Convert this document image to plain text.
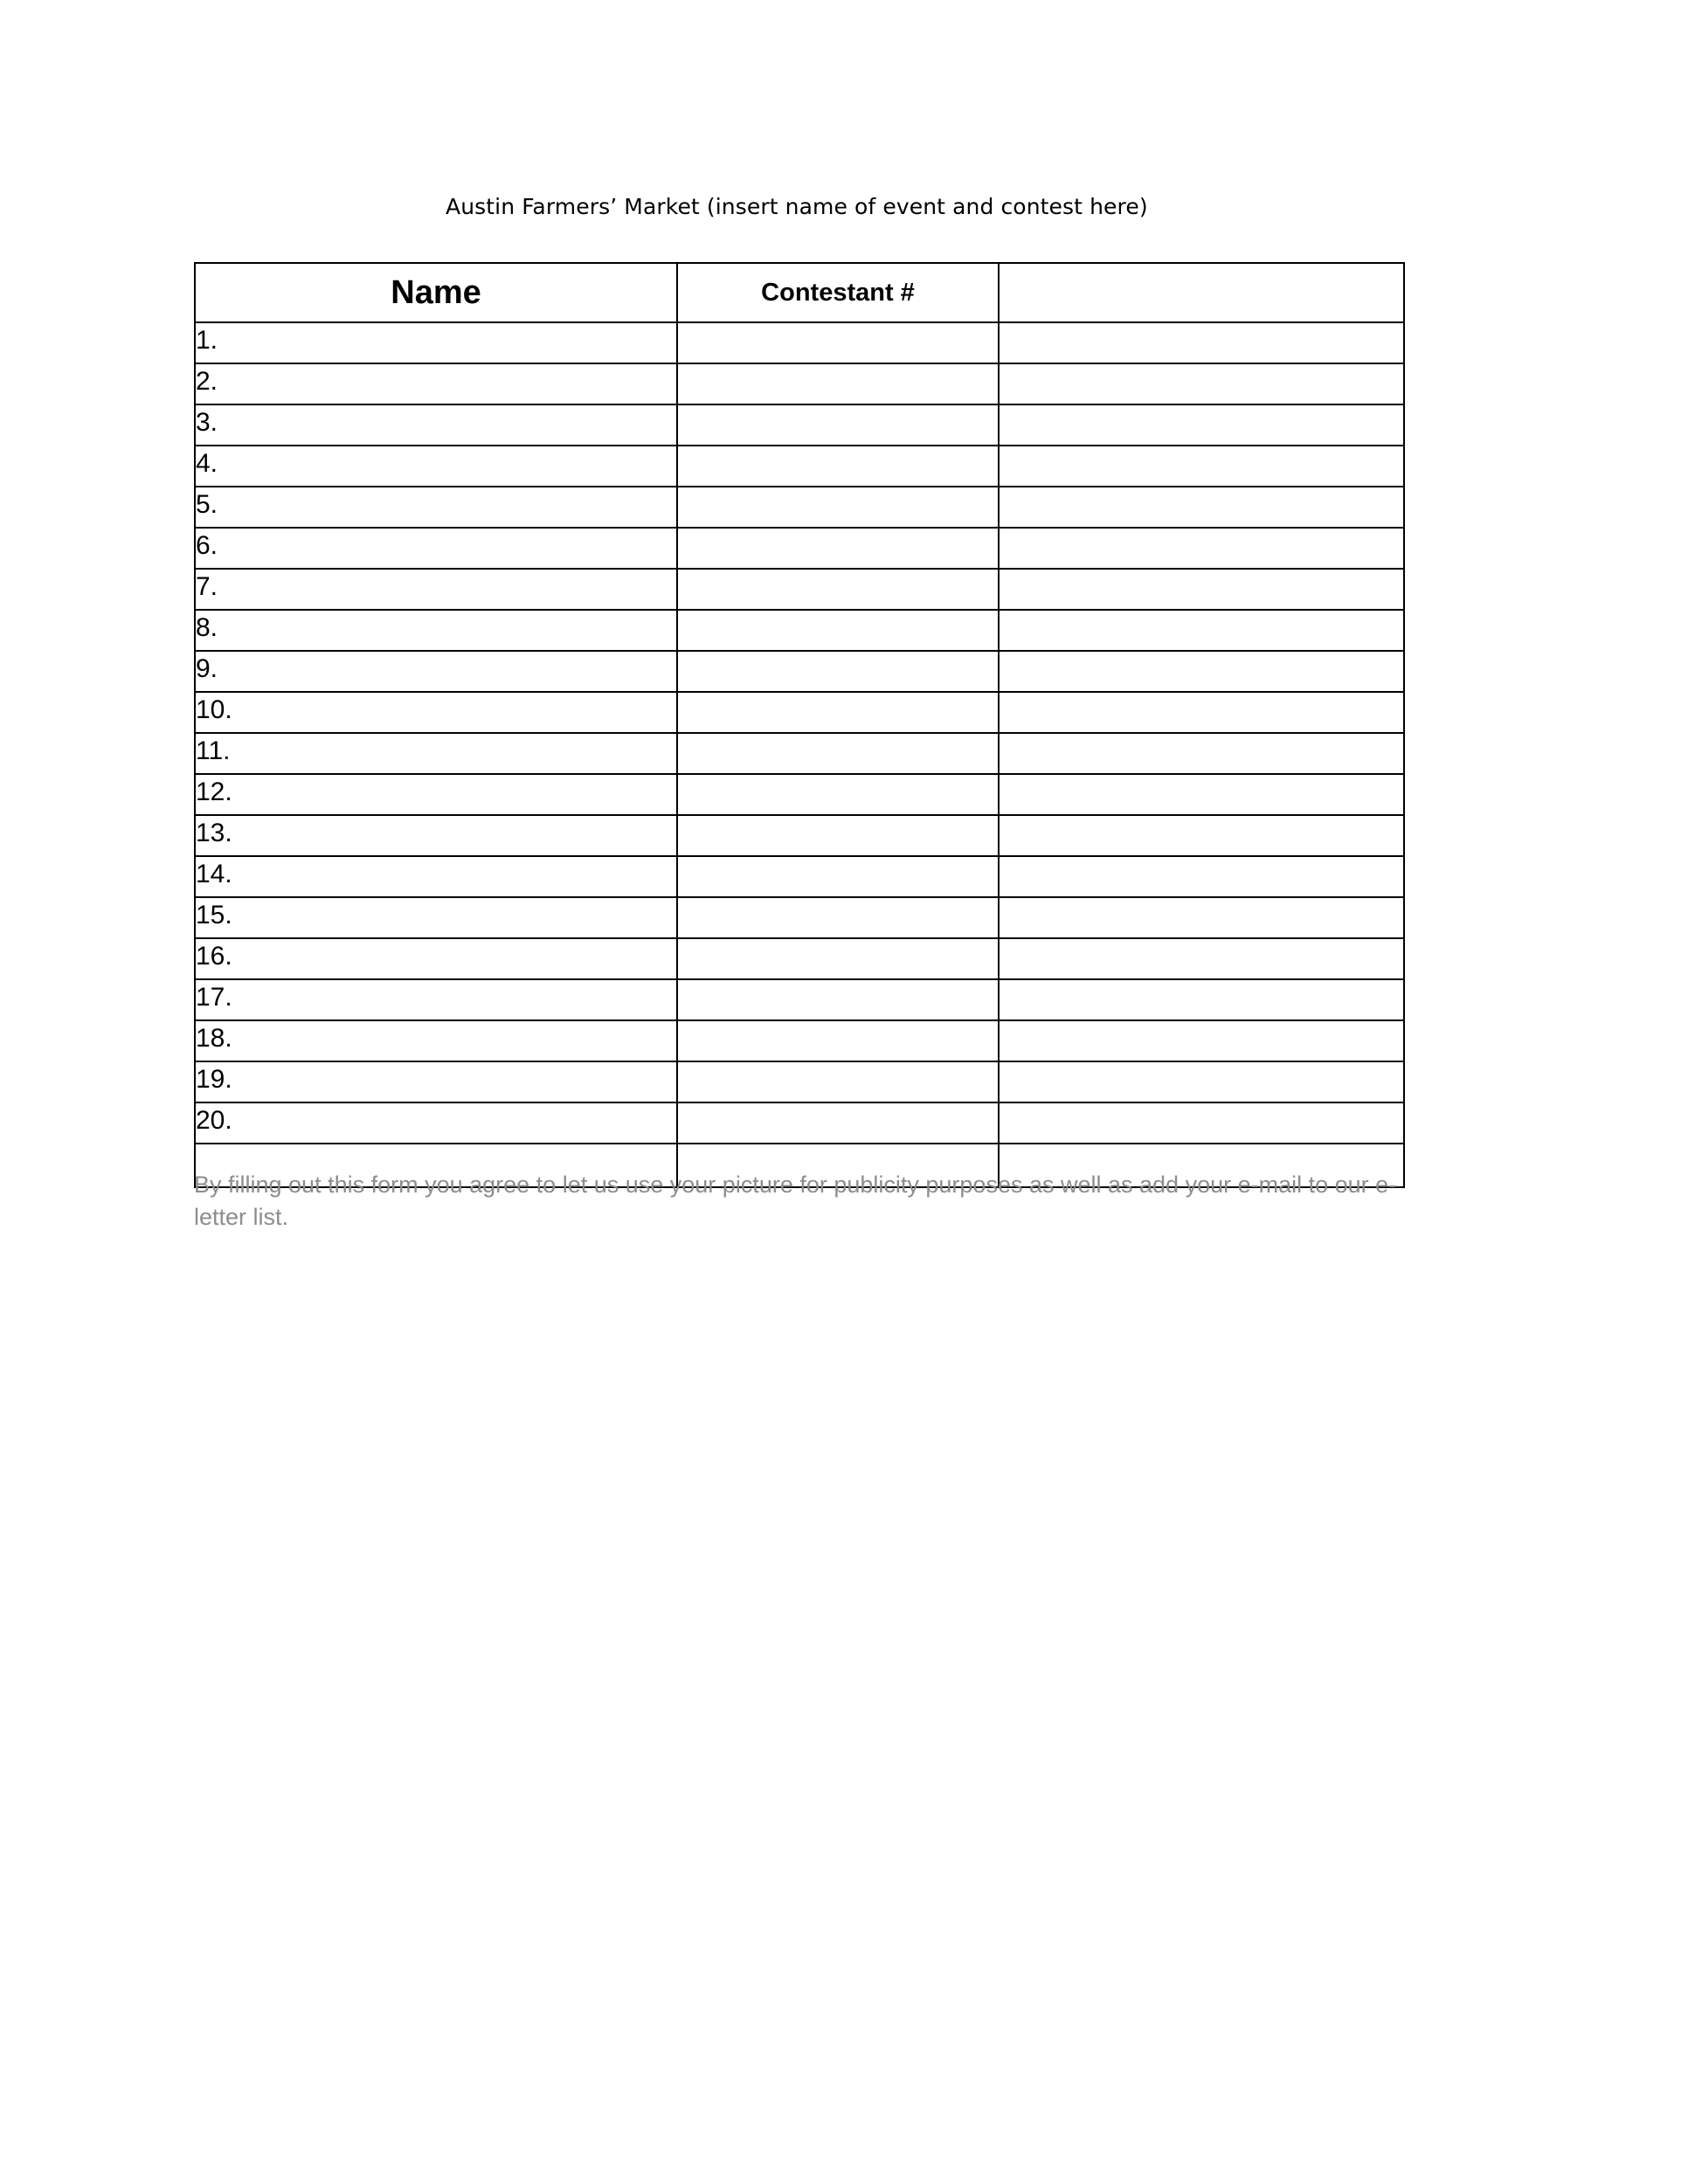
Austin Farmers’ Market (insert name of event and contest here)
Name	Contestant #	
1.		
2.		
3.		
4.		
5.		
6.		
7.		
8.		
9.		
10.		
11.		
12.		
13.		
14.		
15.		
16.		
17.		
18.		
19.		
20.		

By filling out this form you agree to let us use your picture for publicity purposes as well as add your e-mail to our e-letter list.
